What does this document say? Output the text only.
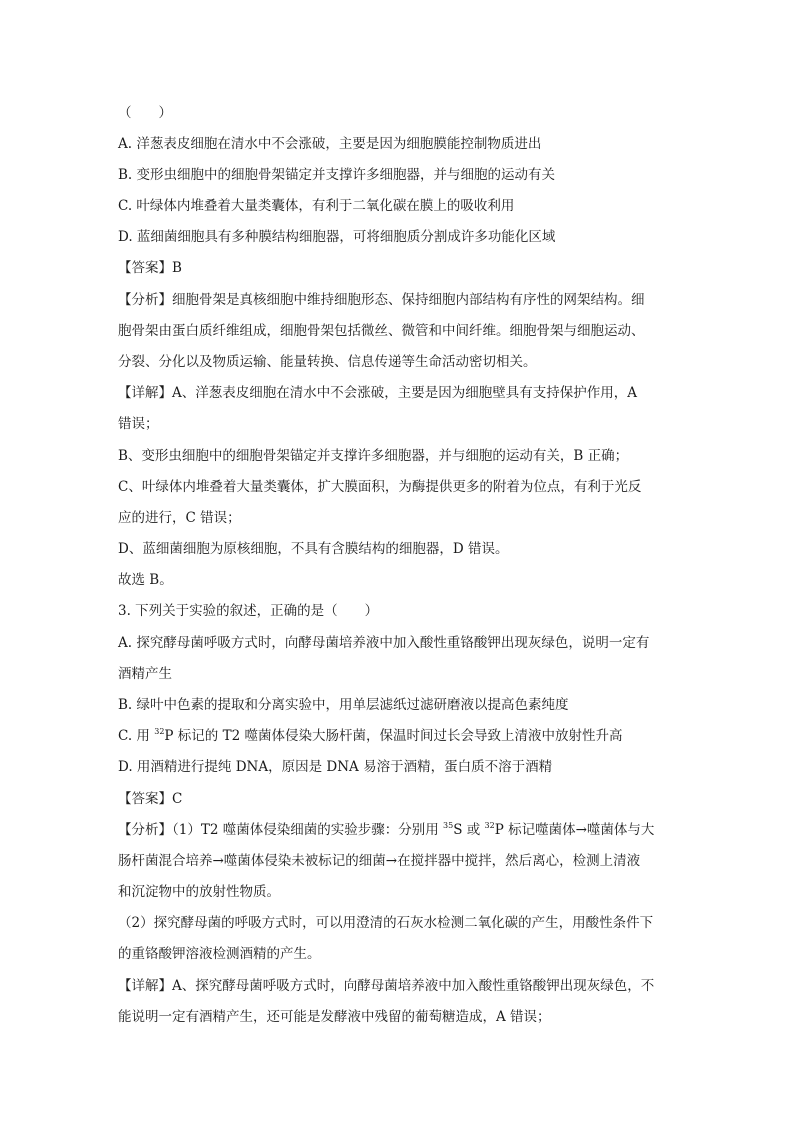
（　　）
A. 洋葱表皮细胞在清水中不会涨破，主要是因为细胞膜能控制物质进出
B. 变形虫细胞中的细胞骨架锚定并支撑许多细胞器，并与细胞的运动有关
C. 叶绿体内堆叠着大量类囊体，有利于二氧化碳在膜上的吸收利用
D. 蓝细菌细胞具有多种膜结构细胞器，可将细胞质分割成许多功能化区域
【答案】B
【分析】细胞骨架是真核细胞中维持细胞形态、保持细胞内部结构有序性的网架结构。细
胞骨架由蛋白质纤维组成，细胞骨架包括微丝、微管和中间纤维。细胞骨架与细胞运动、
分裂、分化以及物质运输、能量转换、信息传递等生命活动密切相关。
【详解】A、洋葱表皮细胞在清水中不会涨破，主要是因为细胞壁具有支持保护作用，A
错误；
B、变形虫细胞中的细胞骨架锚定并支撑许多细胞器，并与细胞的运动有关，B 正确；
C、叶绿体内堆叠着大量类囊体，扩大膜面积，为酶提供更多的附着为位点，有利于光反
应的进行，C 错误；
D、蓝细菌细胞为原核细胞，不具有含膜结构的细胞器，D 错误。
故选 B。
3. 下列关于实验的叙述，正确的是（　　）
A. 探究酵母菌呼吸方式时，向酵母菌培养液中加入酸性重铬酸钾出现灰绿色，说明一定有
酒精产生
B. 绿叶中色素的提取和分离实验中，用单层滤纸过滤研磨液以提高色素纯度
C. 用 $^{32}$P 标记的 T2 噬菌体侵染大肠杆菌，保温时间过长会导致上清液中放射性升高
D. 用酒精进行提纯 DNA，原因是 DNA 易溶于酒精，蛋白质不溶于酒精
【答案】C
【分析】（1）T2 噬菌体侵染细菌的实验步骤：分别用 $^{35}$S 或 $^{32}$P 标记噬菌体→噬菌体与大
肠杆菌混合培养→噬菌体侵染未被标记的细菌→在搅拌器中搅拌，然后离心，检测上清液
和沉淀物中的放射性物质。
（2）探究酵母菌的呼吸方式时，可以用澄清的石灰水检测二氧化碳的产生，用酸性条件下
的重铬酸钾溶液检测酒精的产生。
【详解】A、探究酵母菌呼吸方式时，向酵母菌培养液中加入酸性重铬酸钾出现灰绿色，不
能说明一定有酒精产生，还可能是发酵液中残留的葡萄糖造成，A 错误；
